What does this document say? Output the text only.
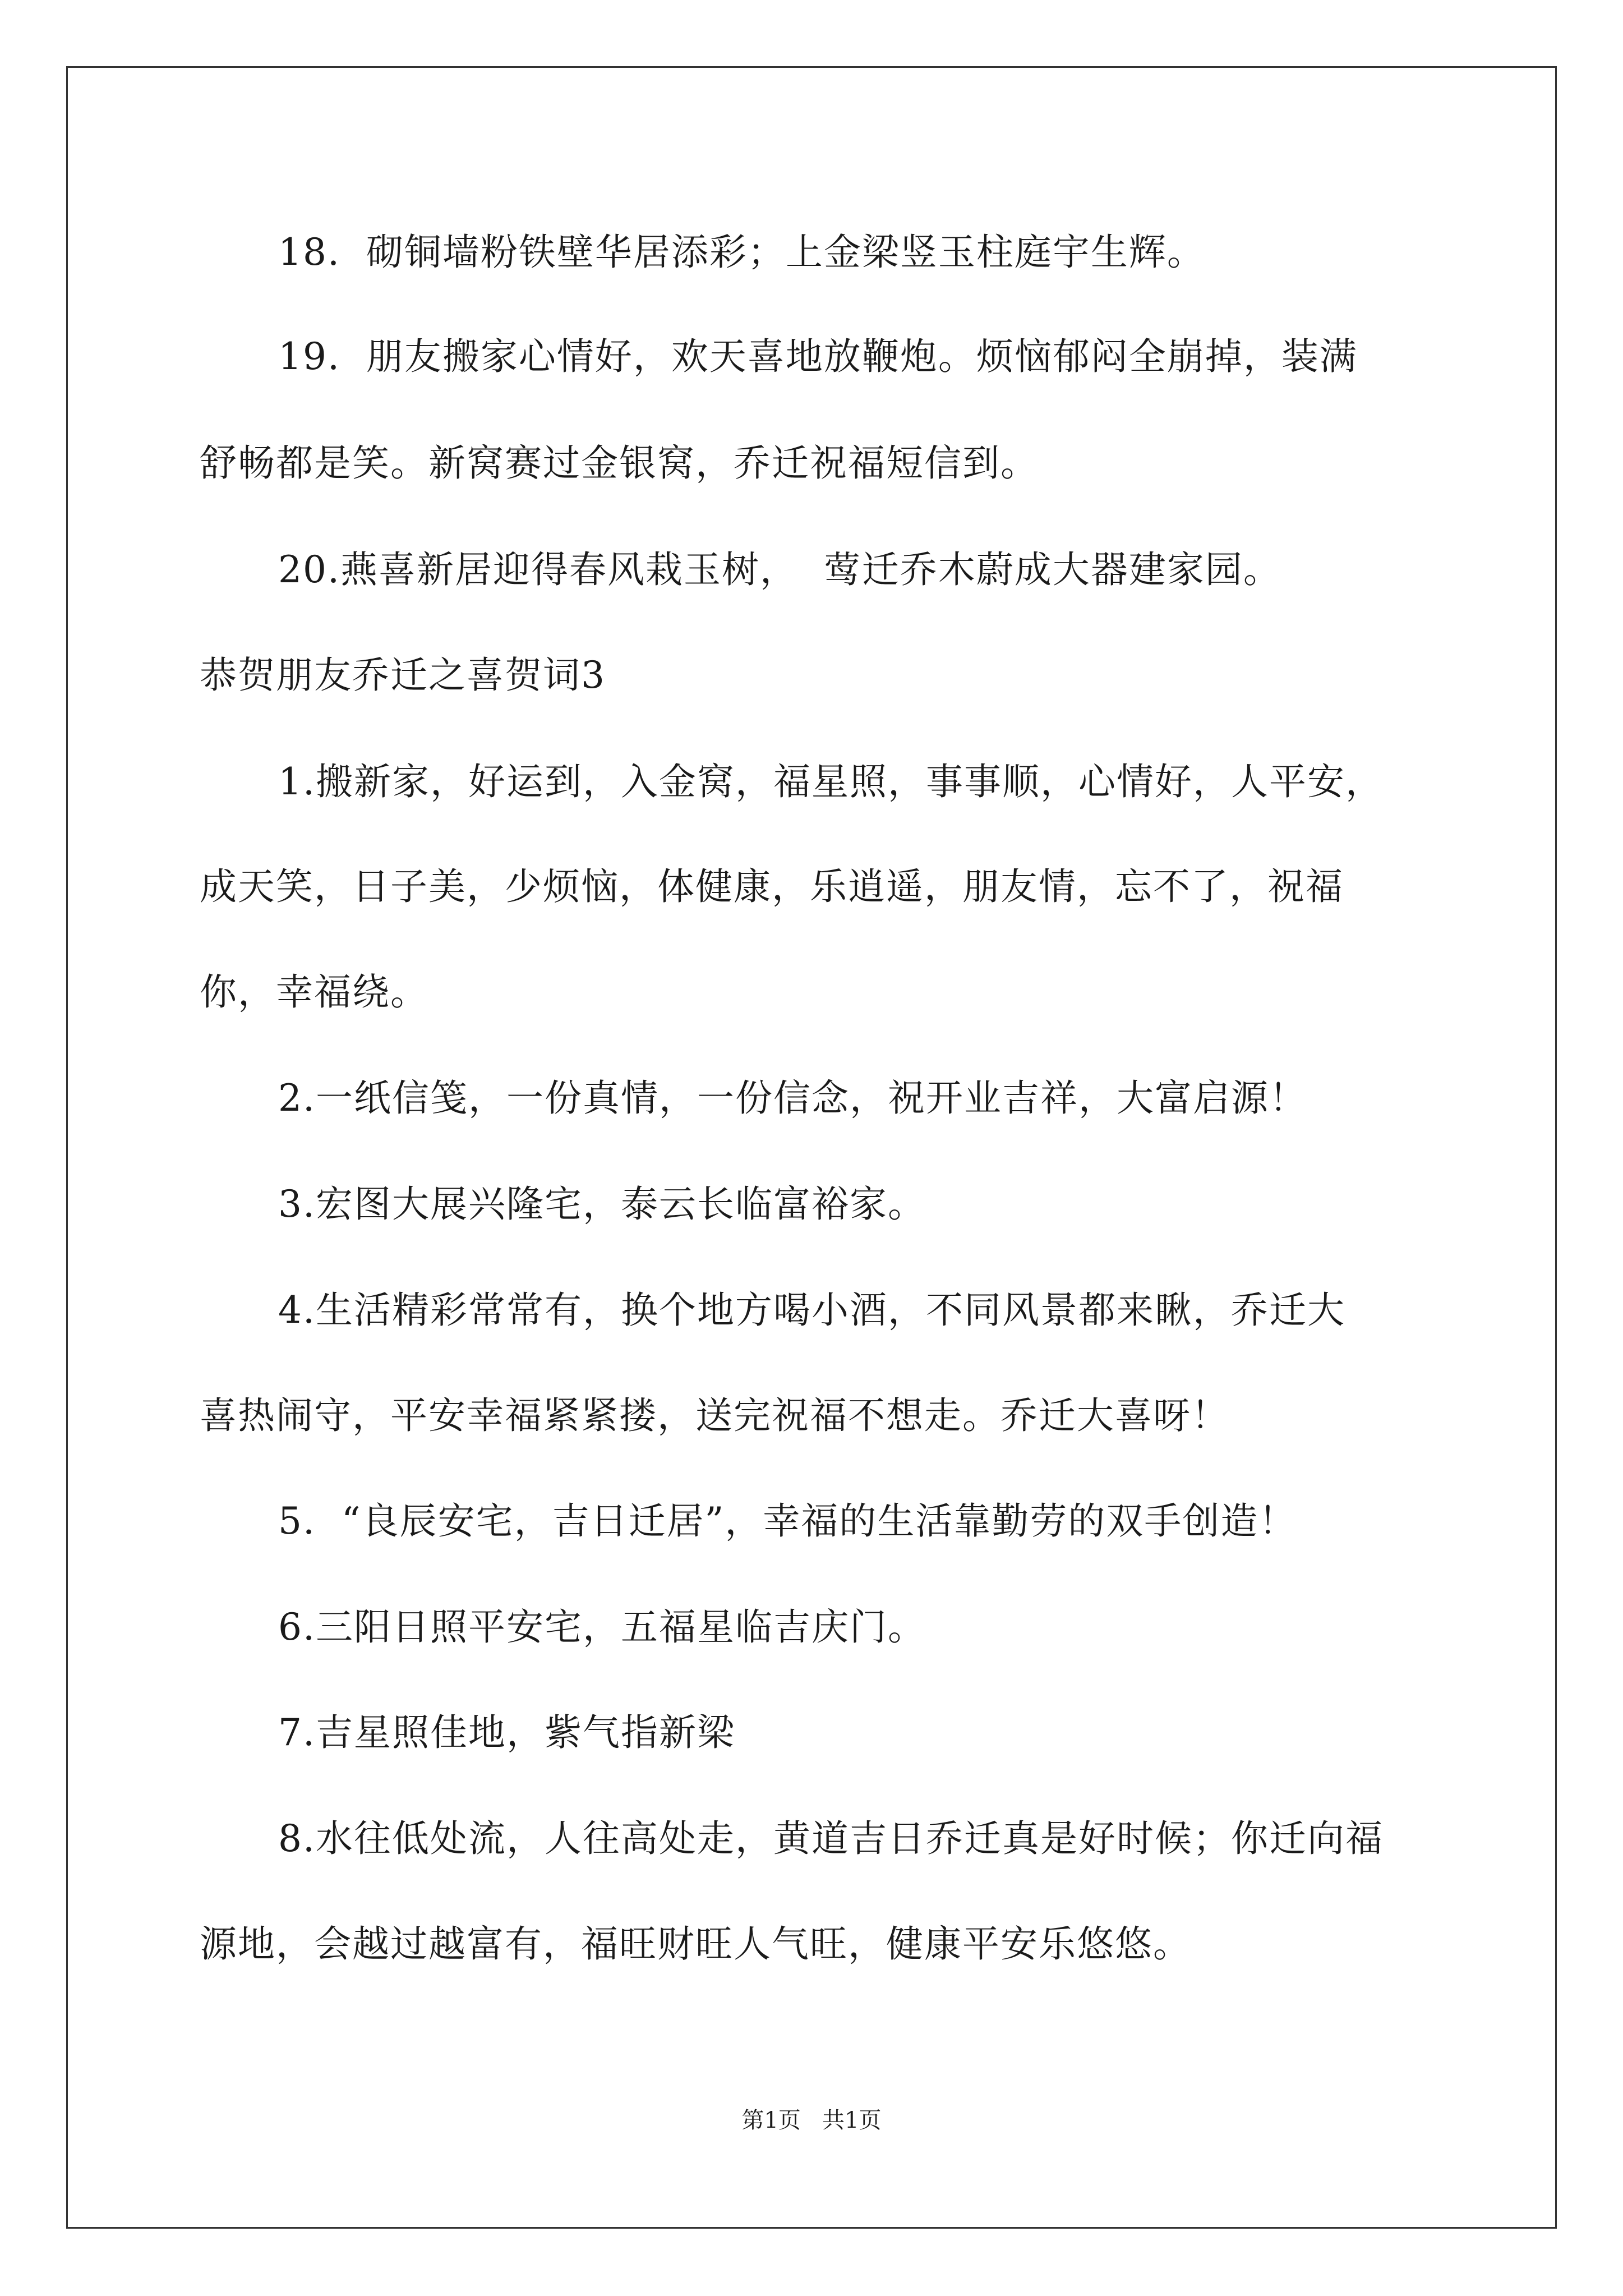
18.  砌铜墙粉铁壁华居添彩；上金梁竖玉柱庭宇生辉。
19.  朋友搬家心情好，欢天喜地放鞭炮。烦恼郁闷全崩掉，装满
舒畅都是笑。新窝赛过金银窝，乔迁祝福短信到。
20.燕喜新居迎得春风栽玉树，  莺迁乔木蔚成大器建家园。
恭贺朋友乔迁之喜贺词3
1.搬新家，好运到，入金窝，福星照，事事顺，心情好，人平安，
成天笑，日子美，少烦恼，体健康，乐逍遥，朋友情，忘不了，祝福
你，幸福绕。
2.一纸信笺，一份真情，一份信念，祝开业吉祥，大富启源！
3.宏图大展兴隆宅，泰云长临富裕家。
4.生活精彩常常有，换个地方喝小酒，不同风景都来瞅，乔迁大
喜热闹守，平安幸福紧紧搂，送完祝福不想走。乔迁大喜呀！
5.  “良辰安宅，吉日迁居”，幸福的生活靠勤劳的双手创造！
6.三阳日照平安宅，五福星临吉庆门。
7.吉星照佳地，紫气指新梁
8.水往低处流，人往高处走，黄道吉日乔迁真是好时候；你迁向福
源地，会越过越富有，福旺财旺人气旺，健康平安乐悠悠。
第1页   共1页
